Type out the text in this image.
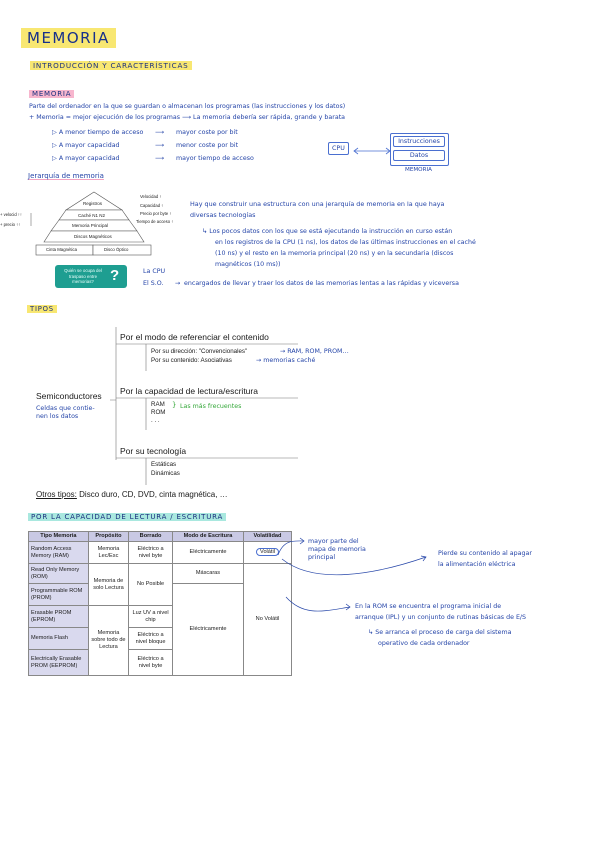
MEMORIA
INTRODUCCIÓN Y CARACTERÍSTICAS
MEMORIA
Parte del ordenador en la que se guardan o almacenan los programas (las instrucciones y los datos)
+ Memoria = mejor ejecución de los programas ⟶ La memoria debería ser rápida, grande y barata
▷ A menor tiempo de acceso ⟶ mayor coste por bit
▷ A mayor capacidad	⟶ menor coste por bit
▷ A mayor capacidad	⟶ mayor tiempo de acceso
CPU
Instrucciones
Datos
MEMORIA
Jerarquía de memoria
Registros
Caché N1 N2
Memoria Principal
Discos Magnéticos
Cinta Magnética	Disco Óptico
+ velocid ↑↑
+ precio ↑↑
Velocidad ↑
Capacidad ↑
Precio por byte ↑
Tiempo de acceso ↑
Quién se ocupa del traspaso entre memorias?	?	La CPU
El S.O. → encargados de llevar y traer los datos de las memorias lentas a las rápidas y viceversa
Hay que construir una estructura con una jerarquía de memoria en la que haya
diversas tecnologías
↳ Los pocos datos con los que se está ejecutando la instrucción en curso están
en los registros de la CPU (1 ns), los datos de las últimas instrucciones en el caché
(10 ns) y el resto en la memoria principal (20 ns) y en la secundaria (discos
magnéticos (10 ms))
TIPOS
Semiconductores
Celdas que contie-
nen los datos
Por el modo de referenciar el contenido
Por su dirección: "Convencionales"
Por su contenido: Asociativas
→ RAM, ROM, PROM…
→ memorias caché
Por la capacidad de lectura/escritura
RAM
ROM
. . .
} Las más frecuentes
Por su tecnología
Estáticas
Dinámicas
Otros tipos: Disco duro, CD, DVD, cinta magnética, …
POR LA CAPACIDAD DE LECTURA / ESCRITURA
Tipo Memoria	Propósito	Borrado	Modo de Escritura	Volatilidad
Random Access Memory (RAM)	Memoria Lec/Esc	Eléctrico a nivel byte	Eléctricamente	Volátil
Read Only Memory (ROM)	Memoria de solo Lectura	No Posible	Máscaras	No Volátil
Programmable ROM (PROM)			Eléctricamente	
Erasable PROM (EPROM)	Memoria sobre todo de Lectura	Luz UV a nivel chip		
Memoria Flash		Eléctrico a nivel bloque		
Electrically Erasable PROM (EEPROM)		Eléctrico a nivel byte		
mayor parte del
mapa de memoria
principal
Pierde su contenido al apagar
la alimentación eléctrica
En la ROM se encuentra el programa inicial de
arranque (IPL) y un conjunto de rutinas básicas de E/S
↳ Se arranca el proceso de carga del sistema
operativo de cada ordenador
